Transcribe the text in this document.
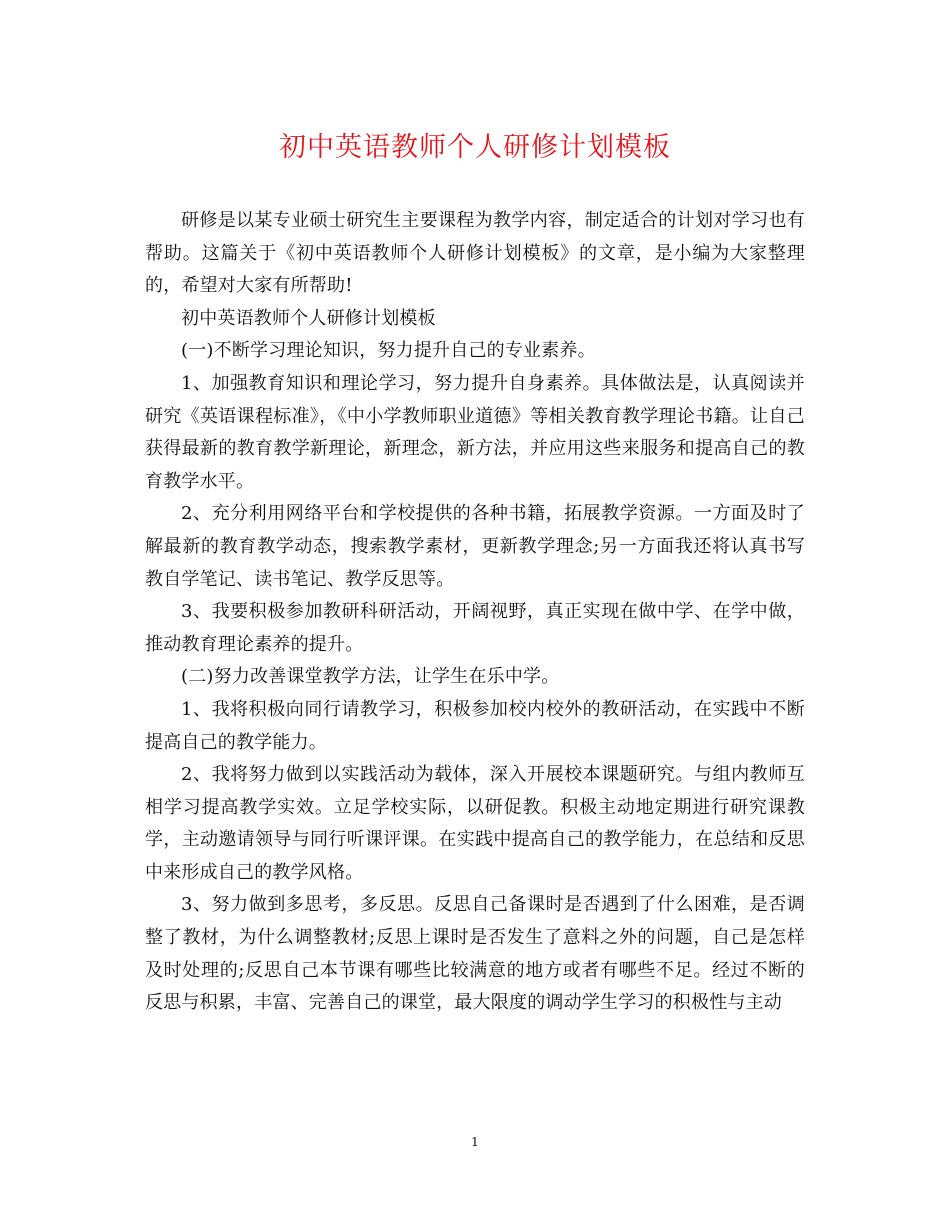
初中英语教师个人研修计划模板

研修是以某专业硕士研究生主要课程为教学内容，制定适合的计划对学习也有帮助。这篇关于《初中英语教师个人研修计划模板》的文章，是小编为大家整理的，希望对大家有所帮助!

初中英语教师个人研修计划模板

(一)不断学习理论知识，努力提升自己的专业素养。

1、加强教育知识和理论学习，努力提升自身素养。具体做法是，认真阅读并研究《英语课程标准》，《中小学教师职业道德》等相关教育教学理论书籍。让自己获得最新的教育教学新理论，新理念，新方法，并应用这些来服务和提高自己的教育教学水平。

2、充分利用网络平台和学校提供的各种书籍，拓展教学资源。一方面及时了解最新的教育教学动态，搜索教学素材，更新教学理念;另一方面我还将认真书写教自学笔记、读书笔记、教学反思等。

3、我要积极参加教研科研活动，开阔视野，真正实现在做中学、在学中做，推动教育理论素养的提升。

(二)努力改善课堂教学方法，让学生在乐中学。

1、我将积极向同行请教学习，积极参加校内校外的教研活动，在实践中不断提高自己的教学能力。

2、我将努力做到以实践活动为载体，深入开展校本课题研究。与组内教师互相学习提高教学实效。立足学校实际，以研促教。积极主动地定期进行研究课教学，主动邀请领导与同行听课评课。在实践中提高自己的教学能力，在总结和反思中来形成自己的教学风格。

3、努力做到多思考，多反思。反思自己备课时是否遇到了什么困难，是否调整了教材，为什么调整教材;反思上课时是否发生了意料之外的问题，自己是怎样及时处理的;反思自己本节课有哪些比较满意的地方或者有哪些不足。经过不断的反思与积累，丰富、完善自己的课堂，最大限度的调动学生学习的积极性与主动

1
